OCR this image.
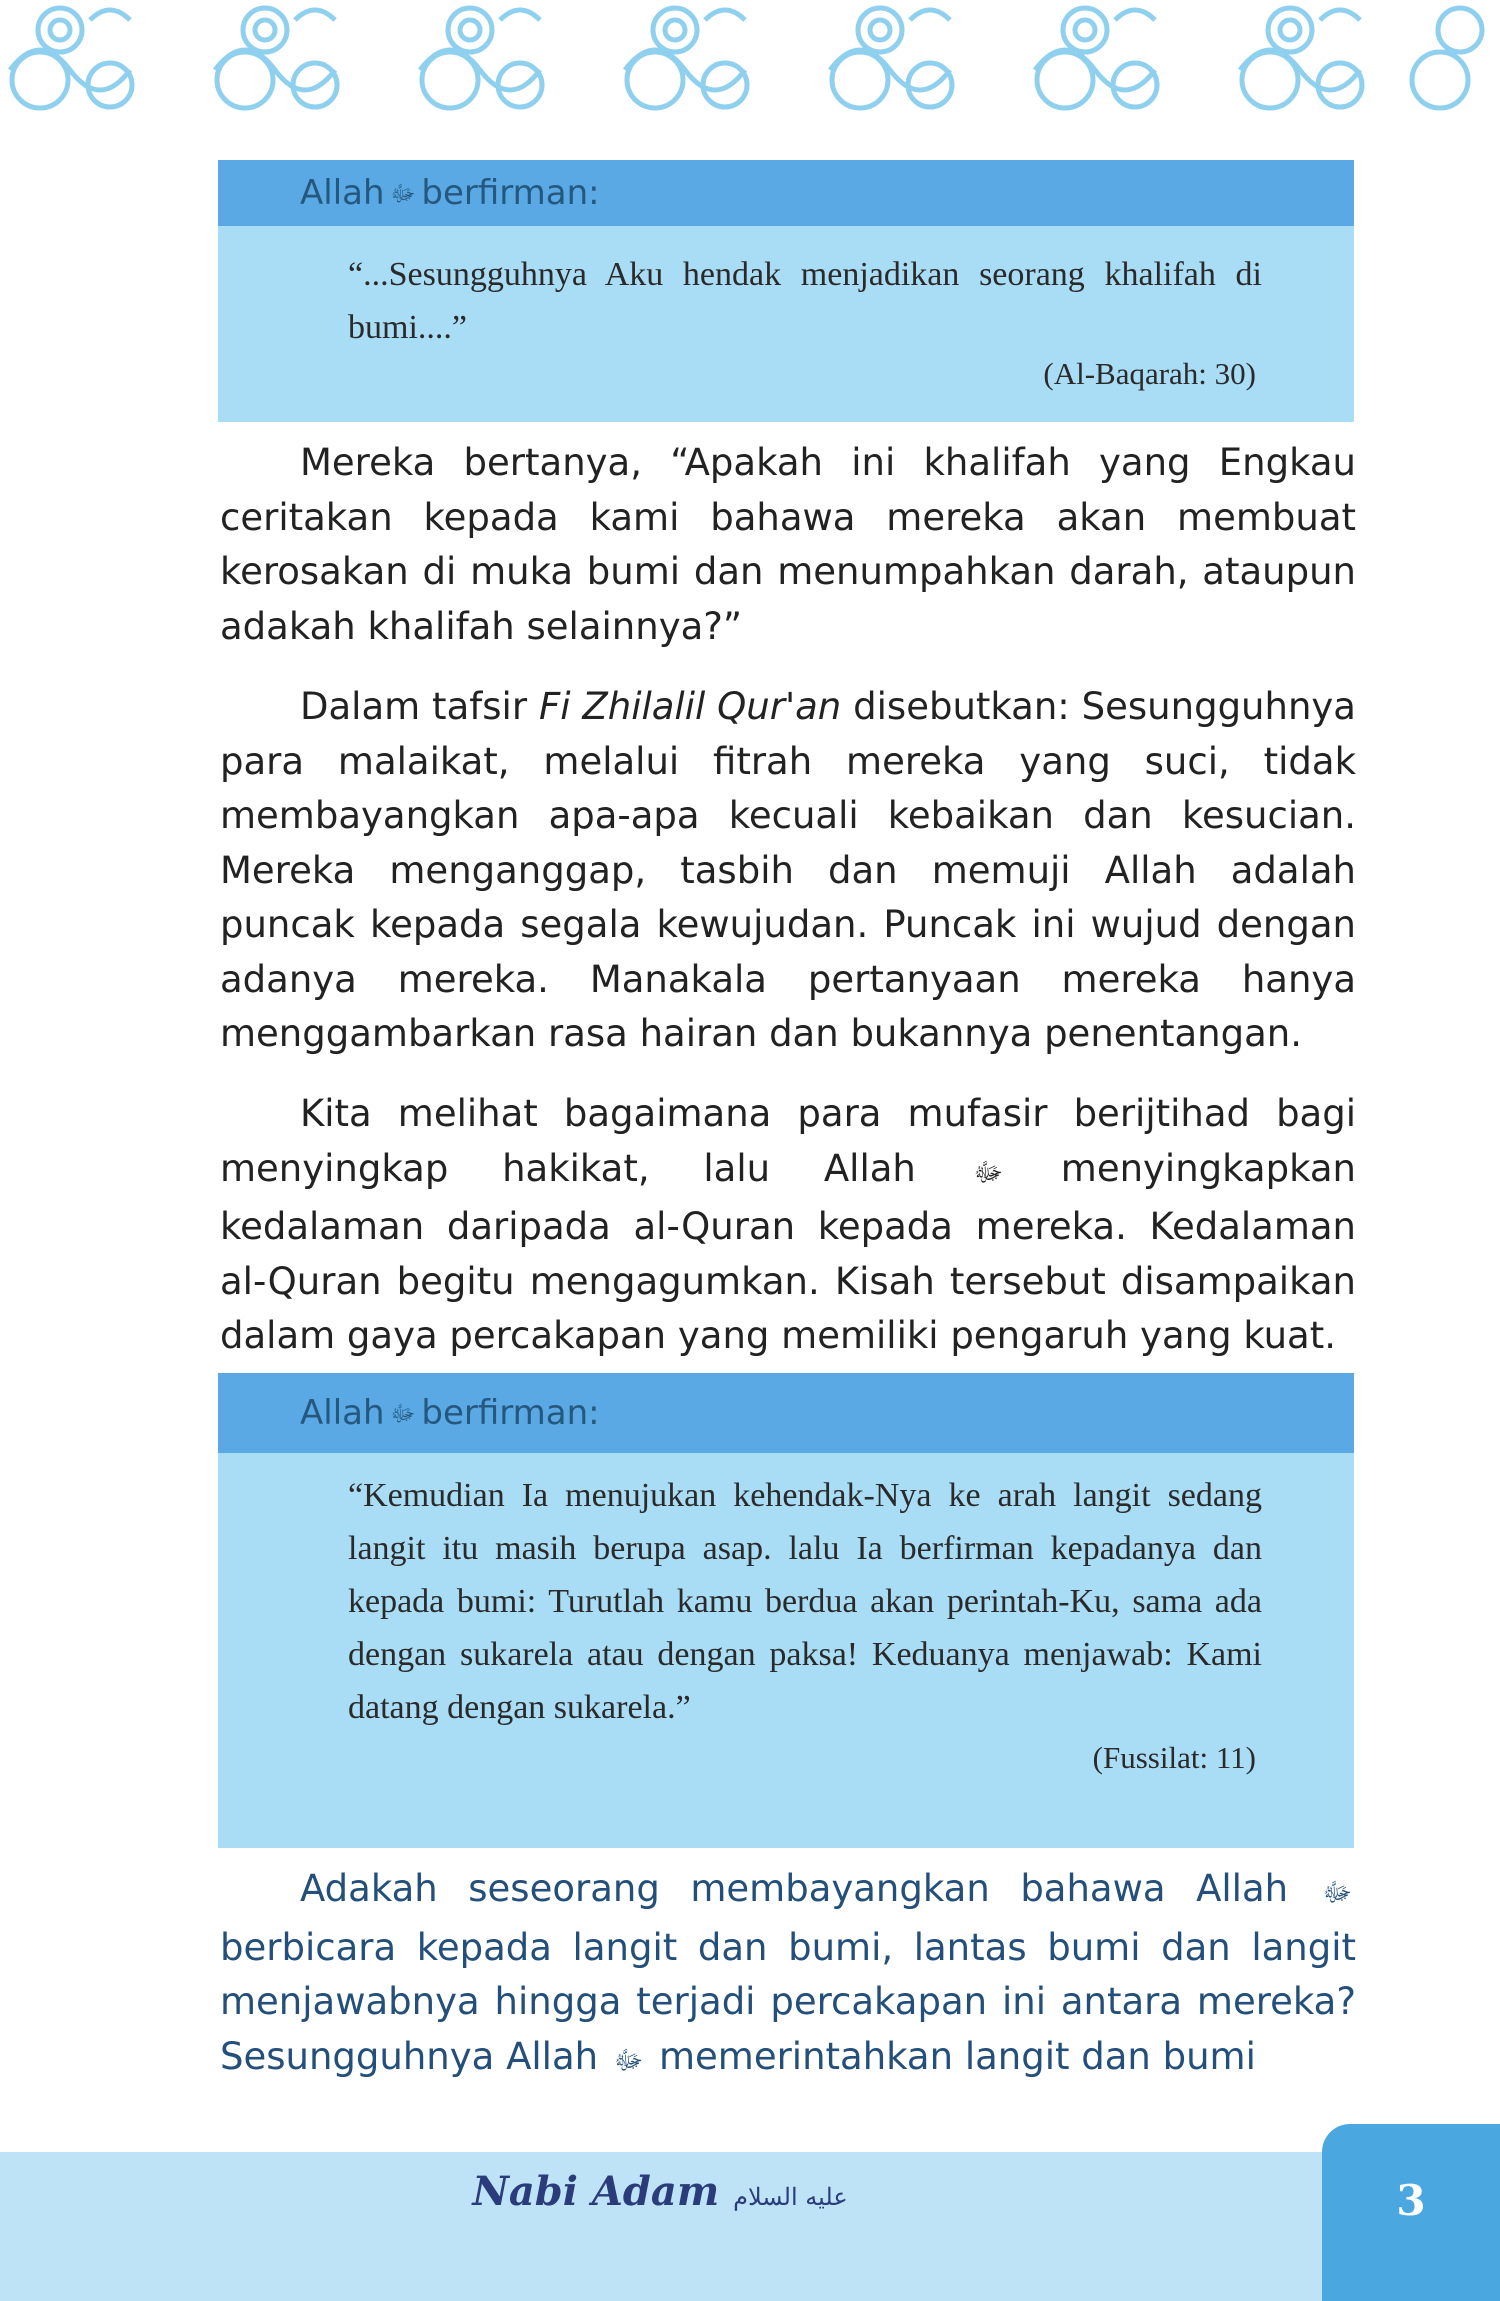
Allah ﷻ berfirman:
“...Sesungguhnya Aku hendak menjadikan seorang khalifah di bumi....”
(Al-Baqarah: 30)
Mereka bertanya, “Apakah ini khalifah yang Engkau ceritakan kepada kami bahawa mereka akan membuat kerosakan di muka bumi dan menumpahkan darah, ataupun adakah khalifah selainnya?”
Dalam tafsir Fi Zhilalil Qur'an disebutkan: Sesungguhnya para malaikat, melalui fitrah mereka yang suci, tidak membayangkan apa-apa kecuali kebaikan dan kesucian. Mereka menganggap, tasbih dan memuji Allah adalah puncak kepada segala kewujudan. Puncak ini wujud dengan adanya mereka. Manakala pertanyaan mereka hanya menggambarkan rasa hairan dan bukannya penentangan.
Kita melihat bagaimana para mufasir berijtihad bagi menyingkap hakikat, lalu Allah ﷻ menyingkapkan kedalaman daripada al-Quran kepada mereka. Kedalaman al-Quran begitu mengagumkan. Kisah tersebut disampaikan dalam gaya percakapan yang memiliki pengaruh yang kuat.
Allah ﷻ berfirman:
“Kemudian Ia menujukan kehendak-Nya ke arah langit sedang langit itu masih berupa asap. lalu Ia berfirman kepadanya dan kepada bumi: Turutlah kamu berdua akan perintah-Ku, sama ada dengan sukarela atau dengan paksa! Keduanya menjawab: Kami datang dengan sukarela.”
(Fussilat: 11)
Adakah seseorang membayangkan bahawa Allah ﷻ berbicara kepada langit dan bumi, lantas bumi dan langit menjawabnya hingga terjadi percakapan ini antara mereka? Sesungguhnya Allah ﷻ memerintahkan langit dan bumi
Nabi Adam عليه السلام	3
